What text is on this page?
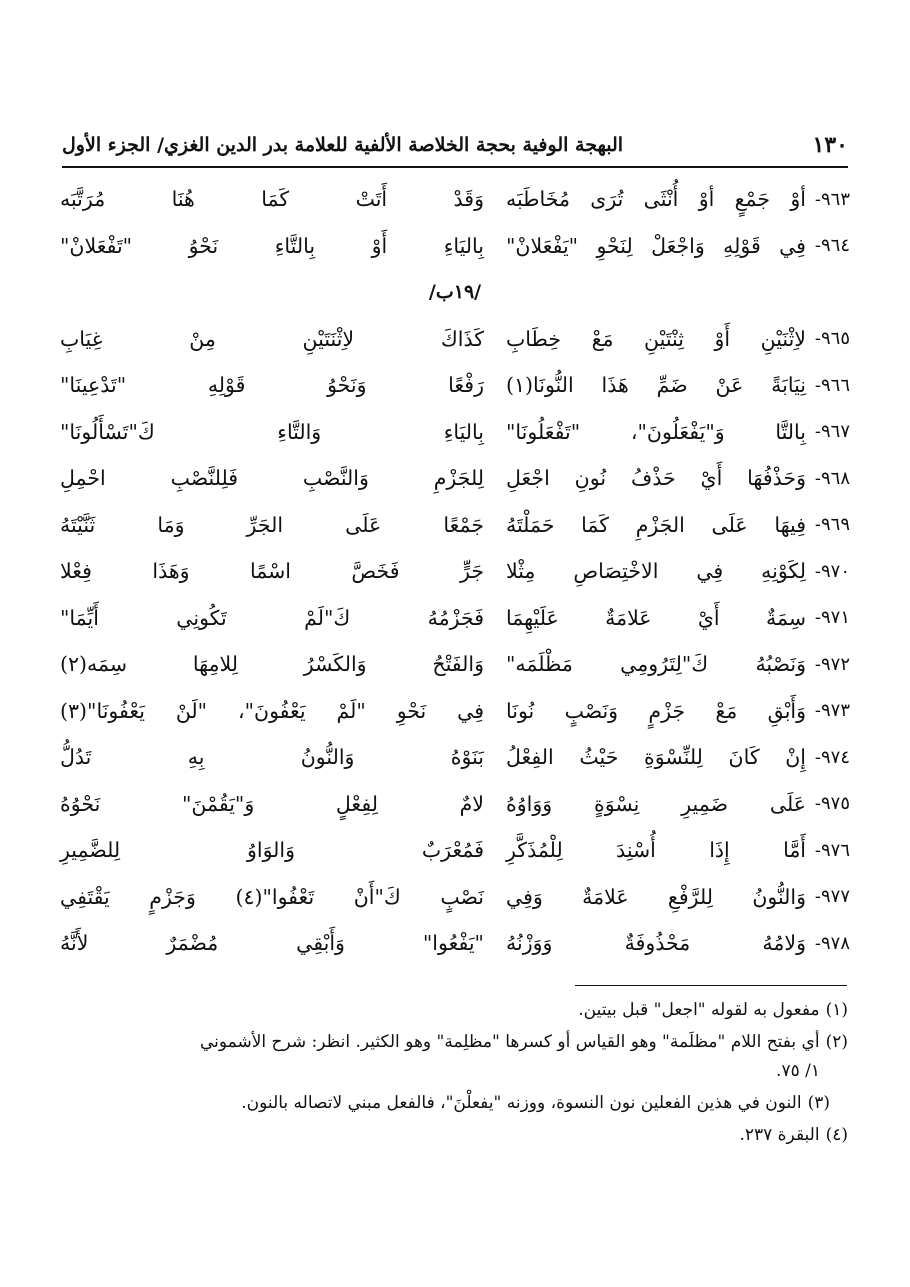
١٣٠
البهجة الوفية بحجة الخلاصة الألفية للعلامة بدر الدين الغزي/ الجزء الأول
٩٦٣-
أوْ جَمْعٍ أوْ أُنْثَى تُرَى مُخَاطَبَه
وَقَدْ أَتَتْ كَمَا هُنَا مُرَتَّبَه
٩٦٤-
فِي قَوْلِهِ وَاجْعَلْ لِنَحْوِ "يَفْعَلانْ"
بِاليَاءِ أَوْ بِالتَّاءِ نَحْوُ "تَفْعَلانْ"
/١٩ب/
٩٦٥-
لاِثْنَيْنِ أَوْ ثِنْتَيْنِ مَعْ خِطَابِ
كَذَاكَ لاِثْنَتَيْنِ مِنْ غِيَابِ
٩٦٦-
نِيَابَةً عَنْ ضَمِّ هَذَا النُّونَا(١)
رَفْعًا وَنَحْوُ قَوْلِهِ "تَدْعِينَا"
٩٦٧-
بِالتَّا وَ"يَفْعَلُونَ"، "تَفْعَلُونَا"
بِاليَاءِ وَالتَّاءِ كَ"تَسْأَلُونَا"
٩٦٨-
وَحَذْفُهَا أَيْ حَذْفُ نُونِ اجْعَلِ
لِلجَزْمِ وَالنَّصْبِ فَلِلنَّصْبِ احْمِلِ
٩٦٩-
فِيهَا عَلَى الجَزْمِ كَمَا حَمَلْتَهُ
جَمْعًا عَلَى الجَرِّ وَمَا ثَنَّيْتَهُ
٩٧٠-
لِكَوْنِهِ فِي الاخْتِصَاصِ مِثْلا
جَرٍّ فَخَصَّ اسْمًا وَهَذَا فِعْلا
٩٧١-
سِمَةٌ أَيْ عَلامَةٌ عَلَيْهِمَا
فَجَزْمُهُ كَ"لَمْ تَكُونِي أَيِّمَا"
٩٧٢-
وَنَصْبُهُ كَ"لِتَرُومِي مَظْلَمَه"
وَالفَتْحُ وَالكَسْرُ لِلامِهَا سِمَه(٢)
٩٧٣-
وَأَبْقِ مَعْ جَزْمٍ وَنَصْبٍ نُونَا
فِي نَحْوِ "لَمْ يَعْفُونَ"، "لَنْ يَعْفُونَا"(٣)
٩٧٤-
إِنْ كَانَ لِلنِّسْوَةِ حَيْثُ الفِعْلُ
بَنَوْهُ وَالنُّونُ بِهِ تَدُلُّ
٩٧٥-
عَلَى ضَمِيرِ نِسْوَةٍ وَوَاوُهُ
لامٌ لِفِعْلٍ وَ"يَقُمْنَ" نَحْوُهُ
٩٧٦-
أَمَّا إِذَا أُسْنِدَ لِلْمُذَكَّرِ
فَمُعْرَبٌ وَالوَاوُ لِلضَّمِيرِ
٩٧٧-
وَالنُّونُ لِلرَّفْعِ عَلامَةٌ وَفِي
نَصْبٍ كَ"أَنْ تَعْفُوا"(٤) وَجَزْمٍ يَقْتَفِي
٩٧٨-
وَلامُهُ مَحْذُوفَةٌ وَوَزْنُهُ
"يَفْعُوا" وَأَبْقِي مُضْمَرٌ لأَنَّهُ
(١)مفعول به لقوله "اجعل" قبل بيتين.
(٢)أي بفتح اللام "مظلَمة" وهو القياس أو كسرها "مظلِمة" وهو الكثير. انظر: شرح الأشموني
١/ ٧٥.
(٣)النون في هذين الفعلين نون النسوة، ووزنه "يفعلْنَ"، فالفعل مبني لاتصاله بالنون.
(٤)البقرة ٢٣٧.
